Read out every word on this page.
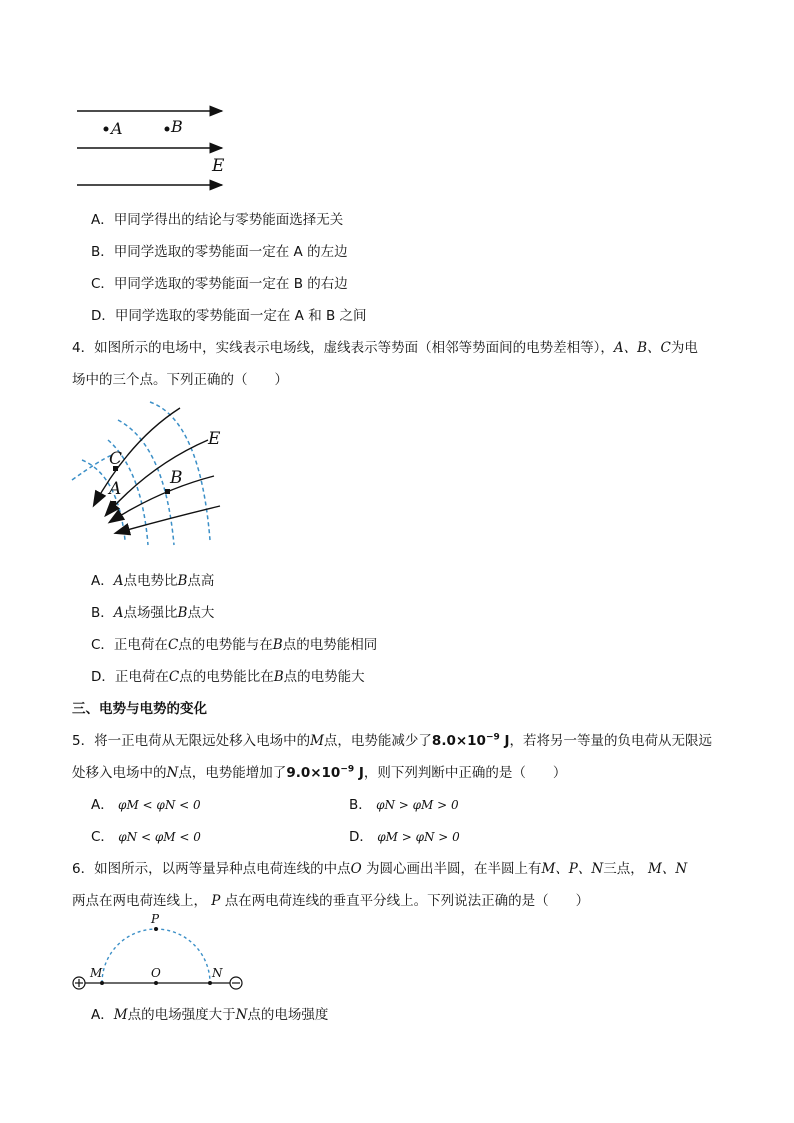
A	B
E
A．甲同学得出的结论与零势能面选择无关
B．甲同学选取的零势能面一定在 A 的左边
C．甲同学选取的零势能面一定在 B 的右边
D．甲同学选取的零势能面一定在 A 和 B 之间
4．如图所示的电场中，实线表示电场线，虚线表示等势面（相邻等势面间的电势差相等），A、B、C为电
场中的三个点。下列正确的（　　）
C
A
B
E
A．A点电势比B点高
B．A点场强比B点大
C．正电荷在C点的电势能与在B点的电势能相同
D．正电荷在C点的电势能比在B点的电势能大
三、电势与电势的变化
5．将一正电荷从无限远处移入电场中的M点，电势能减少了$8.0\times 10^{-9}$ J，若将另一等量的负电荷从无限远
处移入电场中的N点，电势能增加了$9.0\times 10^{-9}$ J，则下列判断中正确的是（　　）
A． φM < φN < 0	B． φN > φM > 0
C． φN < φM < 0	D． φM > φN > 0
6．如图所示，以两等量异种点电荷连线的中点O 为圆心画出半圆，在半圆上有M、P、N三点， M、N
两点在两电荷连线上， P 点在两电荷连线的垂直平分线上。下列说法正确的是（　　）
P
M	O	N
A．M点的电场强度大于N点的电场强度
